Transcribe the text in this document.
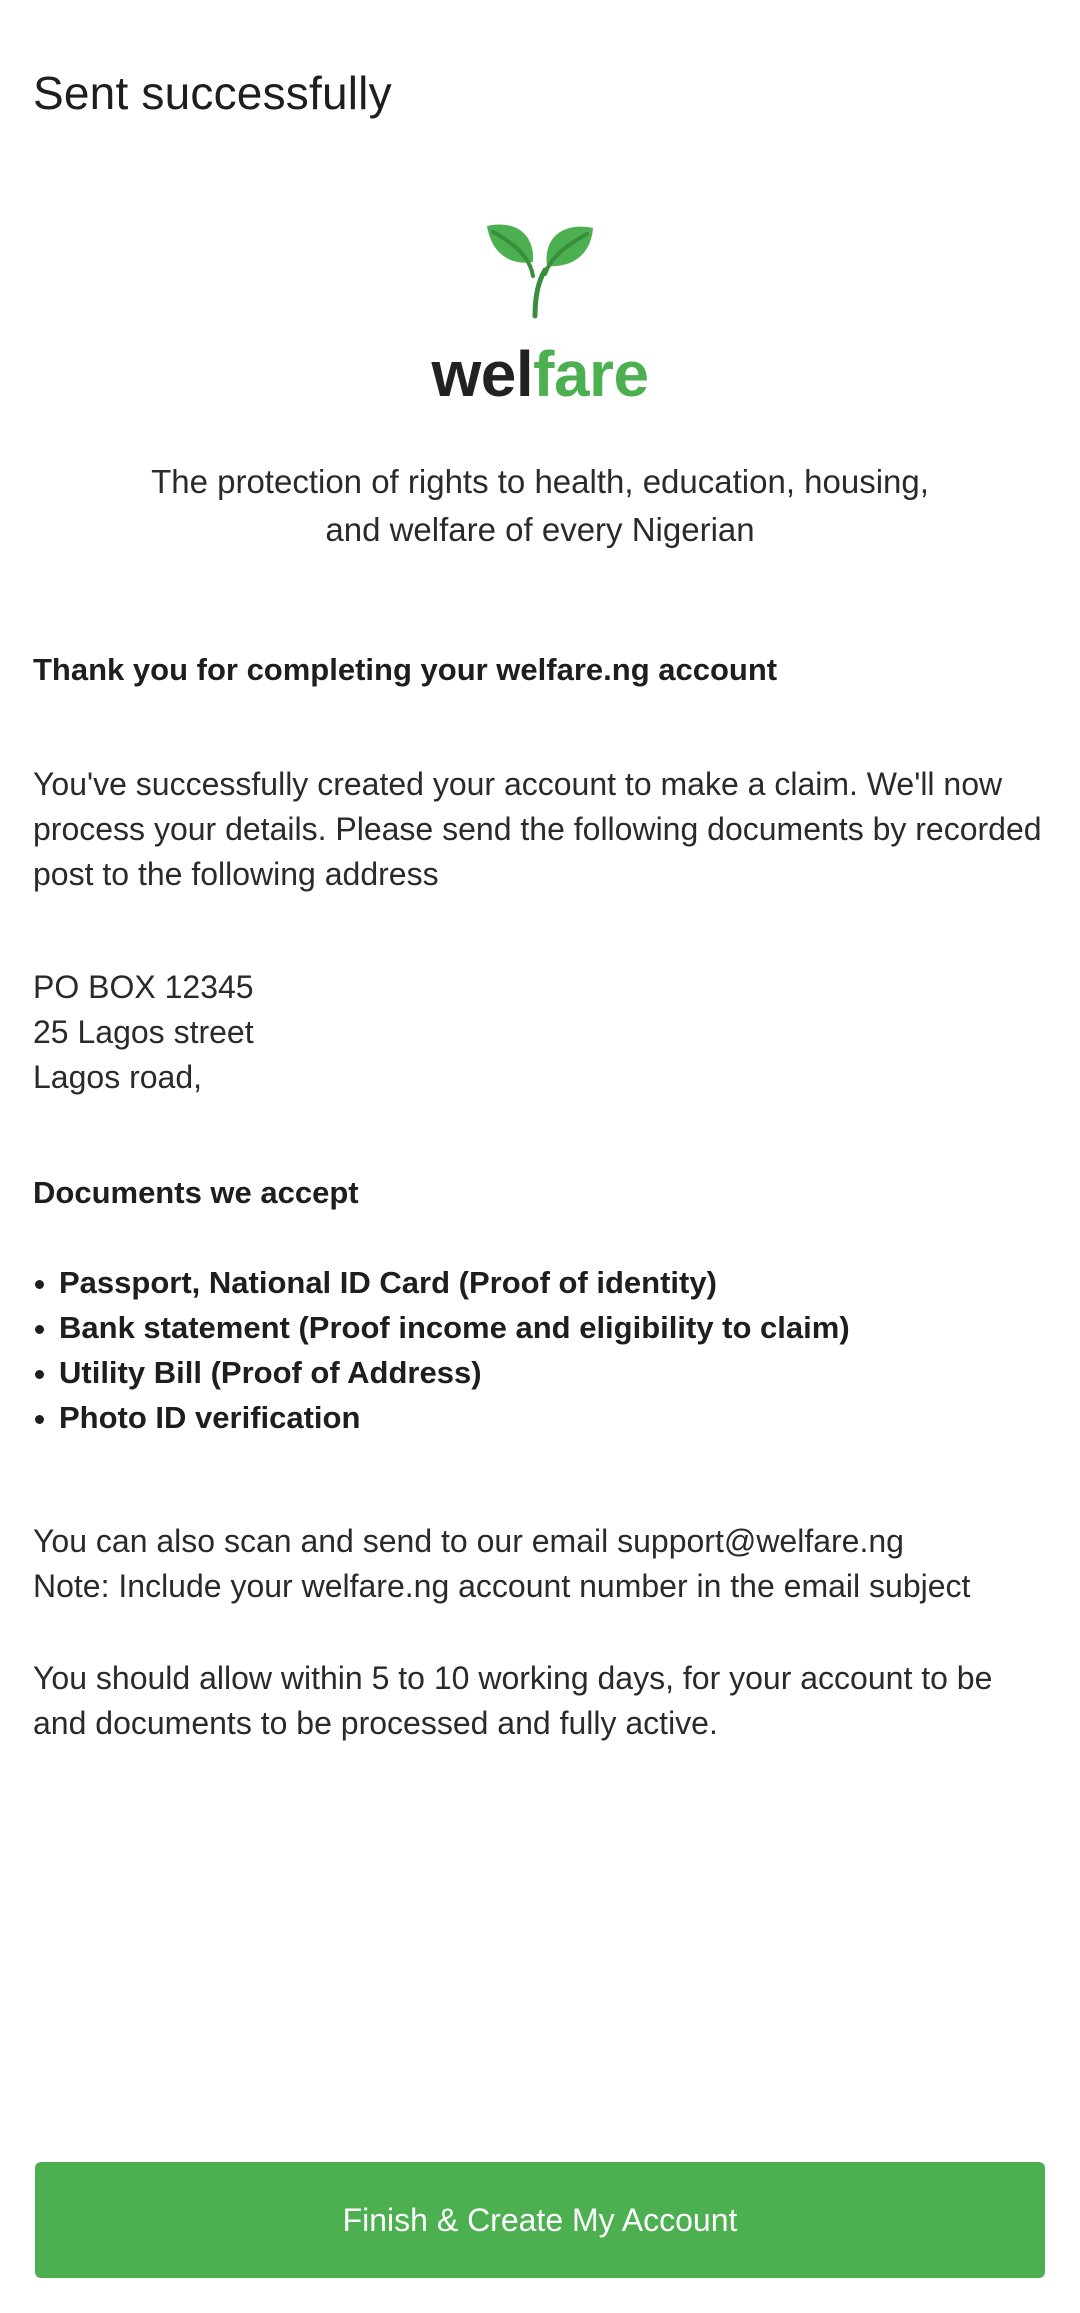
Sent successfully
welfare
The protection of rights to health, education, housing, and welfare of every Nigerian
Thank you for completing your welfare.ng account
You've successfully created your account to make a claim. We'll now process your details. Please send the following documents by recorded post to the following address
PO BOX 12345
25 Lagos street
Lagos road,
Documents we accept
Passport, National ID Card (Proof of identity)
Bank statement (Proof income and eligibility to claim)
Utility Bill (Proof of Address)
Photo ID verification
You can also scan and send to our email support@welfare.ng
Note: Include your welfare.ng account number in the email subject
You should allow within 5 to 10 working days, for your account to be and documents to be processed and fully active.
Finish & Create My Account
